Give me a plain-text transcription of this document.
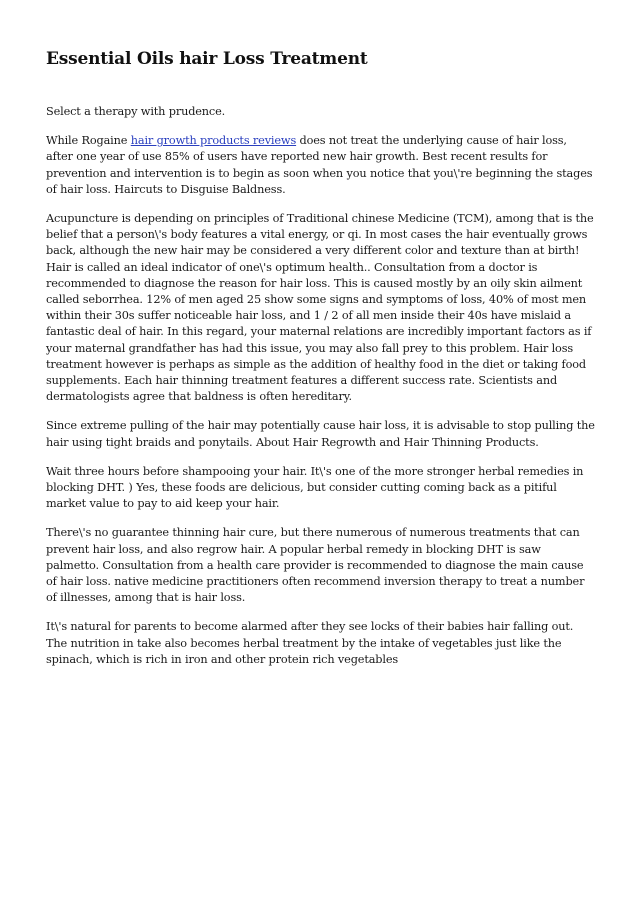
Essential Oils hair Loss Treatment

Select a therapy with prudence.

While Rogaine hair growth products reviews does not treat the underlying cause of hair loss, after one year of use 85% of users have reported new hair growth. Best recent results for prevention and intervention is to begin as soon when you notice that you\'re beginning the stages of hair loss. Haircuts to Disguise Baldness.

Acupuncture is depending on principles of Traditional chinese Medicine (TCM), among that is the belief that a person\'s body features a vital energy, or qi. In most cases the hair eventually grows back, although the new hair may be considered a very different color and texture than at birth! Hair is called an ideal indicator of one\'s optimum health.. Consultation from a doctor is recommended to diagnose the reason for hair loss. This is caused mostly by an oily skin ailment called seborrhea. 12% of men aged 25 show some signs and symptoms of loss, 40% of most men within their 30s suffer noticeable hair loss, and 1 / 2 of all men inside their 40s have mislaid a fantastic deal of hair. In this regard, your maternal relations are incredibly important factors as if your maternal grandfather has had this issue, you may also fall prey to this problem. Hair loss treatment however is perhaps as simple as the addition of healthy food in the diet or taking food supplements. Each hair thinning treatment features a different success rate. Scientists and dermatologists agree that baldness is often hereditary.

Since extreme pulling of the hair may potentially cause hair loss, it is advisable to stop pulling the hair using tight braids and ponytails. About Hair Regrowth and Hair Thinning Products.

Wait three hours before shampooing your hair. It\'s one of the more stronger herbal remedies in blocking DHT. ) Yes, these foods are delicious, but consider cutting coming back as a pitiful market value to pay to aid keep your hair.

There\'s no guarantee thinning hair cure, but there numerous of numerous treatments that can prevent hair loss, and also regrow hair. A popular herbal remedy in blocking DHT is saw palmetto. Consultation from a health care provider is recommended to diagnose the main cause of hair loss. native medicine practitioners often recommend inversion therapy to treat a number of illnesses, among that is hair loss.

It\'s natural for parents to become alarmed after they see locks of their babies hair falling out. The nutrition in take also becomes herbal treatment by the intake of vegetables just like the spinach, which is rich in iron and other protein rich vegetables
